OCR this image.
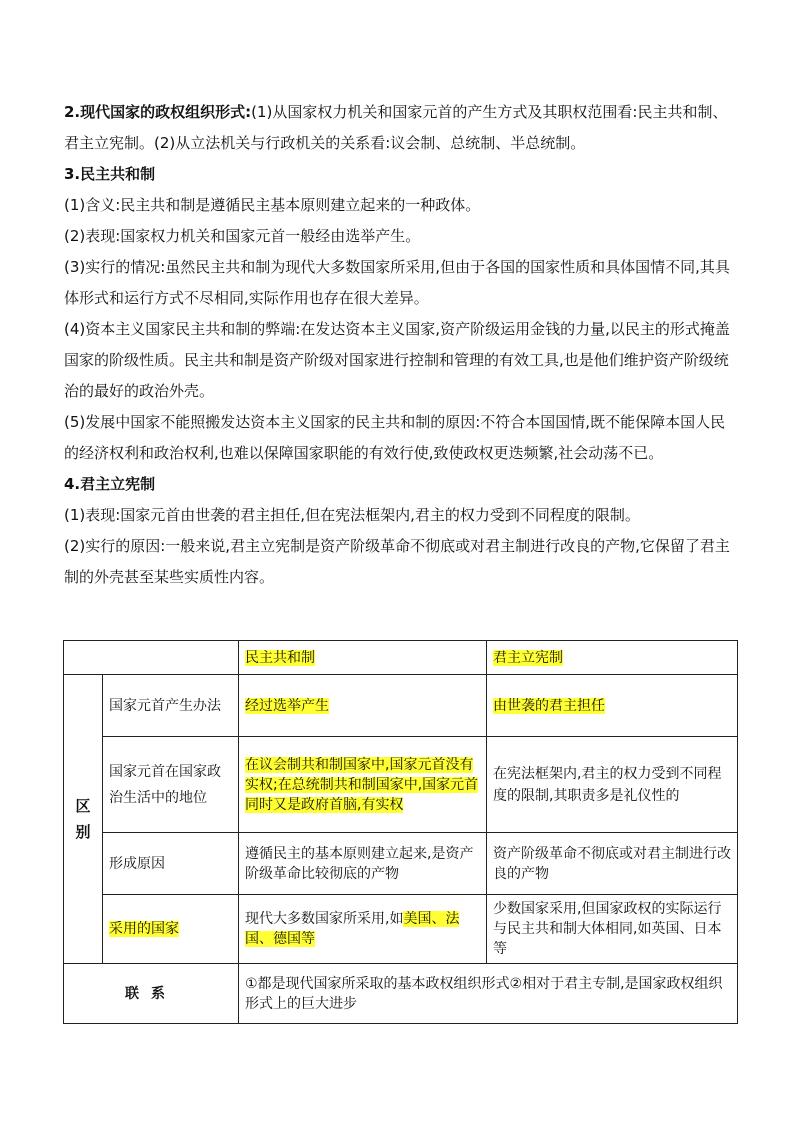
2.现代国家的政权组织形式:(1)从国家权力机关和国家元首的产生方式及其职权范围看:民主共和制、君主立宪制。(2)从立法机关与行政机关的关系看:议会制、总统制、半总统制。

3.民主共和制

(1)含义:民主共和制是遵循民主基本原则建立起来的一种政体。

(2)表现:国家权力机关和国家元首一般经由选举产生。

(3)实行的情况:虽然民主共和制为现代大多数国家所采用,但由于各国的国家性质和具体国情不同,其具体形式和运行方式不尽相同,实际作用也存在很大差异。

(4)资本主义国家民主共和制的弊端:在发达资本主义国家,资产阶级运用金钱的力量,以民主的形式掩盖国家的阶级性质。民主共和制是资产阶级对国家进行控制和管理的有效工具,也是他们维护资产阶级统治的最好的政治外壳。

(5)发展中国家不能照搬发达资本主义国家的民主共和制的原因:不符合本国国情,既不能保障本国人民的经济权利和政治权利,也难以保障国家职能的有效行使,致使政权更迭频繁,社会动荡不已。

4.君主立宪制

(1)表现:国家元首由世袭的君主担任,但在宪法框架内,君主的权力受到不同程度的限制。

(2)实行的原因:一般来说,君主立宪制是资产阶级革命不彻底或对君主制进行改良的产物,它保留了君主制的外壳甚至某些实质性内容。

		民主共和制	君主立宪制
区别	国家元首产生办法	经过选举产生	由世袭的君主担任
	国家元首在国家政治生活中的地位	在议会制共和制国家中,国家元首没有实权;在总统制共和制国家中,国家元首同时又是政府首脑,有实权	在宪法框架内,君主的权力受到不同程度的限制,其职责多是礼仪性的
	形成原因	遵循民主的基本原则建立起来,是资产阶级革命比较彻底的产物	资产阶级革命不彻底或对君主制进行改良的产物
	采用的国家	现代大多数国家所采用,如美国、法国、德国等	少数国家采用,但国家政权的实际运行与民主共和制大体相同,如英国、日本等
联系		①都是现代国家所采取的基本政权组织形式②相对于君主专制,是国家政权组织形式上的巨大进步	
